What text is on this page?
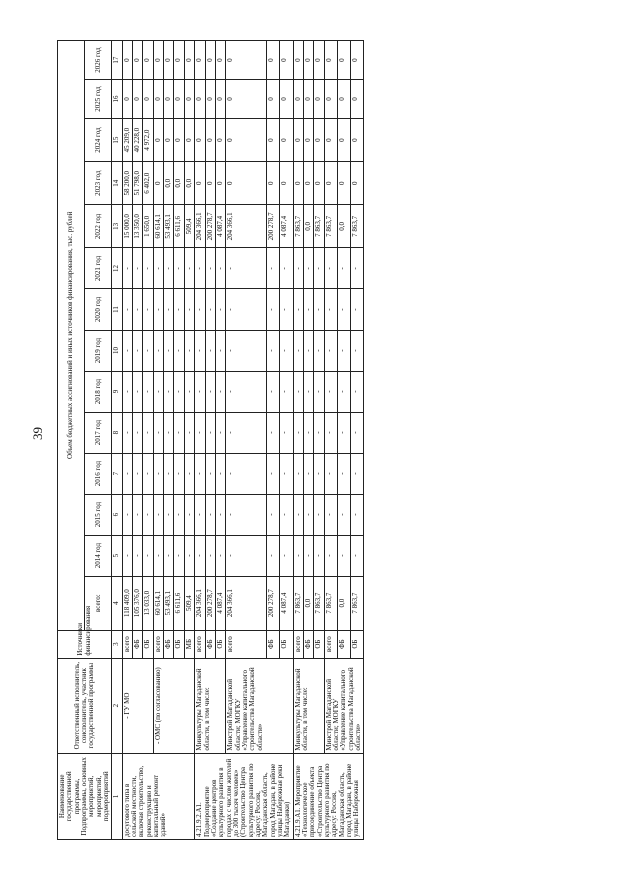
39
Наименование государственной программы, Подпрограммы, основных мероприятий, мероприятий, подмероприятий	Ответственный исполнитель, соисполнитель, участник государственной программы	Источники финансирования	Объем бюджетных ассигнований и иных источников финансирования, тыс. рублей													
			всего:	2014 год	2015 год	2016 год	2017 год	2018 год	2019 год	2020 год	2021 год	2022 год	2023 год	2024 год	2025 год	2026 год
1	2	3	4	5	6	7	8	9	10	11	12	13	14	15	16	17
досугового типа в сельской местности, включая строительство, реконструкцию и капитальный ремонт зданий»	- ГУ МО	всего	118 409,0	-	-	-	-	-	-	-	-	15 000,0	58 200,0	45 209,0	0	0
		ФБ	105 376,0	-	-	-	-	-	-	-	-	13 350,0	51 798,0	40 228,0	0	0
		ОБ	13 033,0	-	-	-	-	-	-	-	-	1 650,0	6 402,0	4 972,0	0	0
	- ОМС (по согласованию)	всего	60 614,1	-	-	-	-	-	-	-	-	60 614,1	0	0	0	0
		ФБ	53 493,1	-	-	-	-	-	-	-	-	53 493,1	0,0	0	0	0
		ОБ	6 611,6	-	-	-	-	-	-	-	-	6 611,6	0,0	0	0	0
		МБ	509,4	-	-	-	-	-	-	-	-	509,4	0,0	0	0	0
4.21.9.2.А1. Подмероприятие «Создание центров культурного развития в городах с числом жителей до 300 тысяч человек» (Строительство Центра культурного развития по адресу: Россия, Магаданская область, город Магадан, в районе улицы Набережная реки Магаданки)	Минкультуры Магаданской области, в том числе:	всего	204 366,1	-	-	-	-	-	-	-	-	204 366,1	0	0	0	0
		ФБ	200 278,7	-	-	-	-	-	-	-	-	200 278,7	0	0	0	0
		ОБ	4 087,4	-	-	-	-	-	-	-	-	4 087,4	0	0	0	0
	Минстрой Магаданской области; МОГКУ «Управление капитального строительства Магаданской области»	всего	204 366,1	-	-	-	-	-	-	-	-	204 366,1	0	0	0	0
		ФБ	200 278,7	-	-	-	-	-	-	-	-	200 278,7	0	0	0	0
		ОБ	4 087,4	-	-	-	-	-	-	-	-	4 087,4	0	0	0	0
4.21.9.А1. Мероприятие «Технологическое присоединение объекта «Строительство Центра культурного развития по адресу: Россия, Магаданская область, город Магадан, в районе улицы Набережная	Минкультуры Магаданской области, в том числе:	всего	7 863,7	-	-	-	-	-	-	-	-	7 863,7	0	0	0	0
		ФБ	0,0	-	-	-	-	-	-	-	-	0,0	0	0	0	0
		ОБ	7 863,7	-	-	-	-	-	-	-	-	7 863,7	0	0	0	0
	Минстрой Магаданской области; МОГКУ «Управление капитального строительства Магаданской области»	всего	7 863,7	-	-	-	-	-	-	-	-	7 863,7	0	0	0	0
		ФБ	0,0	-	-	-	-	-	-	-	-	0,0	0	0	0	0
		ОБ	7 863,7	-	-	-	-	-	-	-	-	7 863,7	0	0	0	0
